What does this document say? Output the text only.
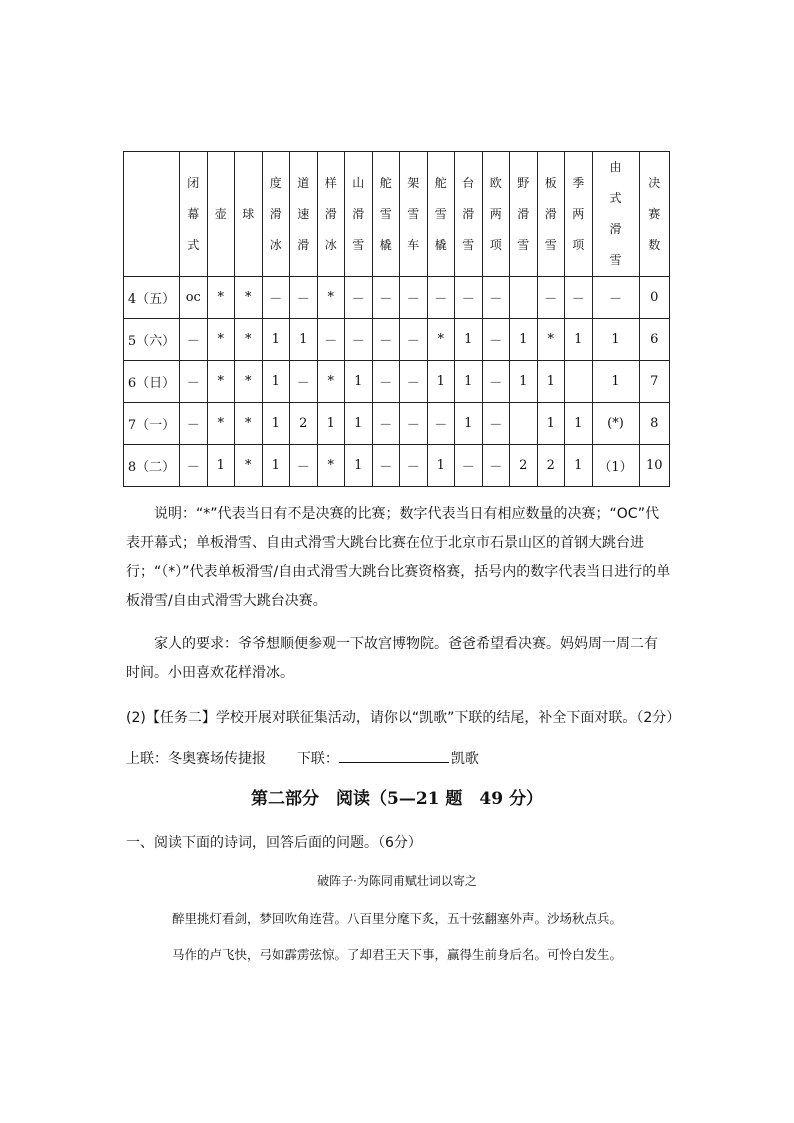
	闭
幕
式	壶	球	度
滑
冰	道
速
滑	样
滑
冰	山
滑
雪	舵
雪
橇	架
雪
车	舵
雪
橇	台
滑
雪	欧
两
项	野
滑
雪	板
滑
雪	季
两
项	由
式
滑
雪	决
赛
数

4（五）	oc	*	*	－	－	*	－	－	－	－	－	－		－	－	－	0
5（六）	－	*	*	1	1	－	－	－	－	*	1	－	1	*	1	1	6
6（日）	－	*	*	1	－	*	1	－	－	1	1	－	1	1		1	7
7（一）	－	*	*	1	2	1	1	－	－	－	1	－		1	1	(*)	8
8（二）	－	1	*	1	－	*	1	－	－	1	－	－	2	2	1	（1）	10
说明：“*”代表当日有不是决赛的比赛；数字代表当日有相应数量的决赛；“OC”代表开幕式；单板滑雪、自由式滑雪大跳台比赛在位于北京市石景山区的首钢大跳台进行；“（*）”代表单板滑雪/自由式滑雪大跳台比赛资格赛，括号内的数字代表当日进行的单板滑雪/自由式滑雪大跳台决赛。
家人的要求：爷爷想顺便参观一下故宫博物院。爸爸希望看决赛。妈妈周一周二有时间。小田喜欢花样滑冰。
(2)【任务二】学校开展对联征集活动，请你以“凯歌”下联的结尾，补全下面对联。（2分）
上联：冬奥赛场传捷报 下联：	凯歌
第二部分　阅读（5—21 题　49 分）
一、阅读下面的诗词，回答后面的问题。（6分）
破阵子·为陈同甫赋壮词以寄之
醉里挑灯看剑，梦回吹角连营。八百里分麾下炙，五十弦翻塞外声。沙场秋点兵。
马作的卢飞快，弓如霹雳弦惊。了却君王天下事，赢得生前身后名。可怜白发生。
